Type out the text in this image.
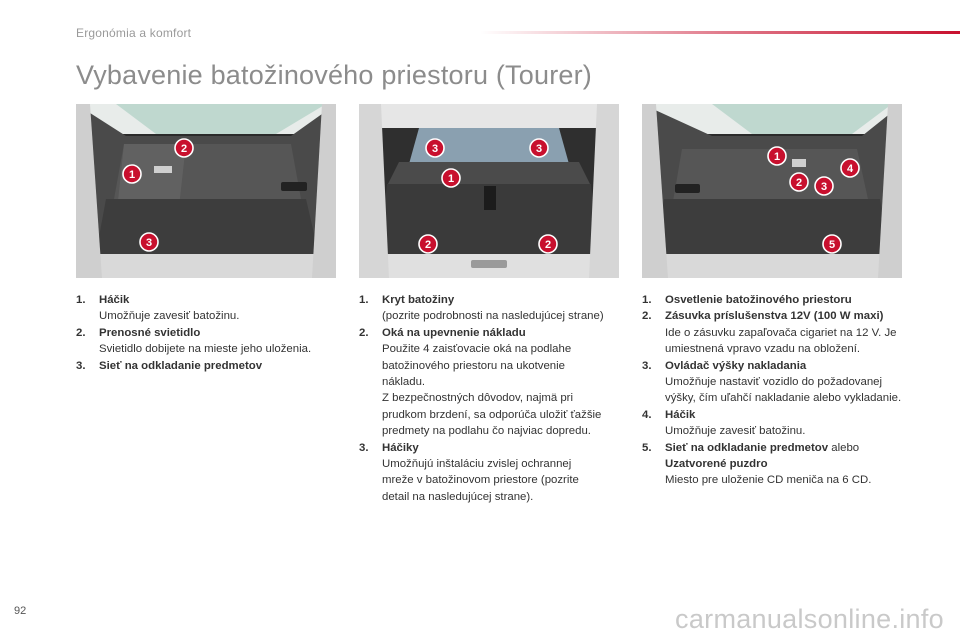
Ergonómia a komfort
Vybavenie batožinového priestoru (Tourer)
1
2
3
3	3
1
2	2
1
2 3
4
5
1. Háčik
Umožňuje zavesiť batožinu.
2. Prenosné svietidlo
Svietidlo dobijete na mieste jeho uloženia.
3. Sieť na odkladanie predmetov
1. Kryt batožiny
(pozrite podrobnosti na nasledujúcej strane)
2. Oká na upevnenie nákladu
Použite 4 zaisťovacie oká na podlahe batožinového priestoru na ukotvenie nákladu.
Z bezpečnostných dôvodov, najmä pri prudkom brzdení, sa odporúča uložiť ťažšie predmety na podlahu čo najviac dopredu.
3. Háčiky
Umožňujú inštaláciu zvislej ochrannej mreže v batožinovom priestore (pozrite detail na nasledujúcej strane).
1. Osvetlenie batožinového priestoru
2. Zásuvka príslušenstva 12V (100 W maxi)
Ide o zásuvku zapaľovača cigariet na 12 V. Je umiestnená vpravo vzadu na obložení.
3. Ovládač výšky nakladania
Umožňuje nastaviť vozidlo do požadovanej výšky, čím uľahčí nakladanie alebo vykladanie.
4. Háčik
Umožňuje zavesiť batožinu.
5. Sieť na odkladanie predmetov alebo
Uzatvorené puzdro
Miesto pre uloženie CD meniča na 6 CD.
92	carmanualsonline.info
